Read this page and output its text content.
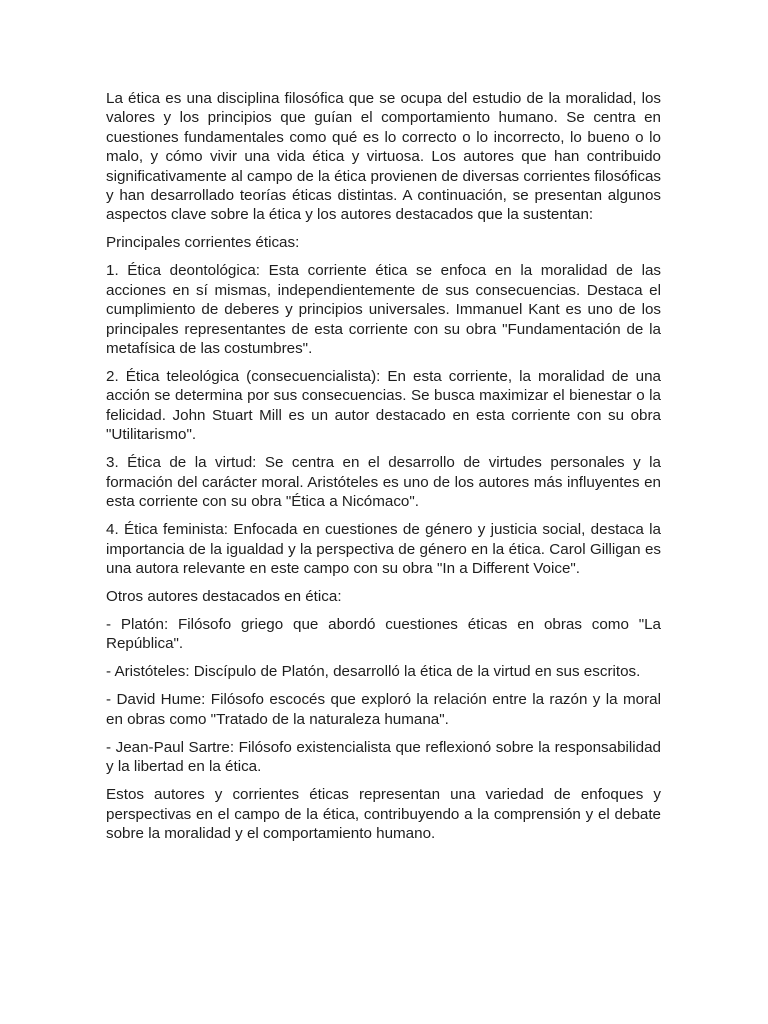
La ética es una disciplina filosófica que se ocupa del estudio de la moralidad, los valores y los principios que guían el comportamiento humano. Se centra en cuestiones fundamentales como qué es lo correcto o lo incorrecto, lo bueno o lo malo, y cómo vivir una vida ética y virtuosa. Los autores que han contribuido significativamente al campo de la ética provienen de diversas corrientes filosóficas y han desarrollado teorías éticas distintas. A continuación, se presentan algunos aspectos clave sobre la ética y los autores destacados que la sustentan:

Principales corrientes éticas:

1. Ética deontológica: Esta corriente ética se enfoca en la moralidad de las acciones en sí mismas, independientemente de sus consecuencias. Destaca el cumplimiento de deberes y principios universales. Immanuel Kant es uno de los principales representantes de esta corriente con su obra "Fundamentación de la metafísica de las costumbres".

2. Ética teleológica (consecuencialista): En esta corriente, la moralidad de una acción se determina por sus consecuencias. Se busca maximizar el bienestar o la felicidad. John Stuart Mill es un autor destacado en esta corriente con su obra "Utilitarismo".

3. Ética de la virtud: Se centra en el desarrollo de virtudes personales y la formación del carácter moral. Aristóteles es uno de los autores más influyentes en esta corriente con su obra "Ética a Nicómaco".

4. Ética feminista: Enfocada en cuestiones de género y justicia social, destaca la importancia de la igualdad y la perspectiva de género en la ética. Carol Gilligan es una autora relevante en este campo con su obra "In a Different Voice".

Otros autores destacados en ética:

- Platón: Filósofo griego que abordó cuestiones éticas en obras como "La República".

- Aristóteles: Discípulo de Platón, desarrolló la ética de la virtud en sus escritos.

- David Hume: Filósofo escocés que exploró la relación entre la razón y la moral en obras como "Tratado de la naturaleza humana".

- Jean-Paul Sartre: Filósofo existencialista que reflexionó sobre la responsabilidad y la libertad en la ética.

Estos autores y corrientes éticas representan una variedad de enfoques y perspectivas en el campo de la ética, contribuyendo a la comprensión y el debate sobre la moralidad y el comportamiento humano.
